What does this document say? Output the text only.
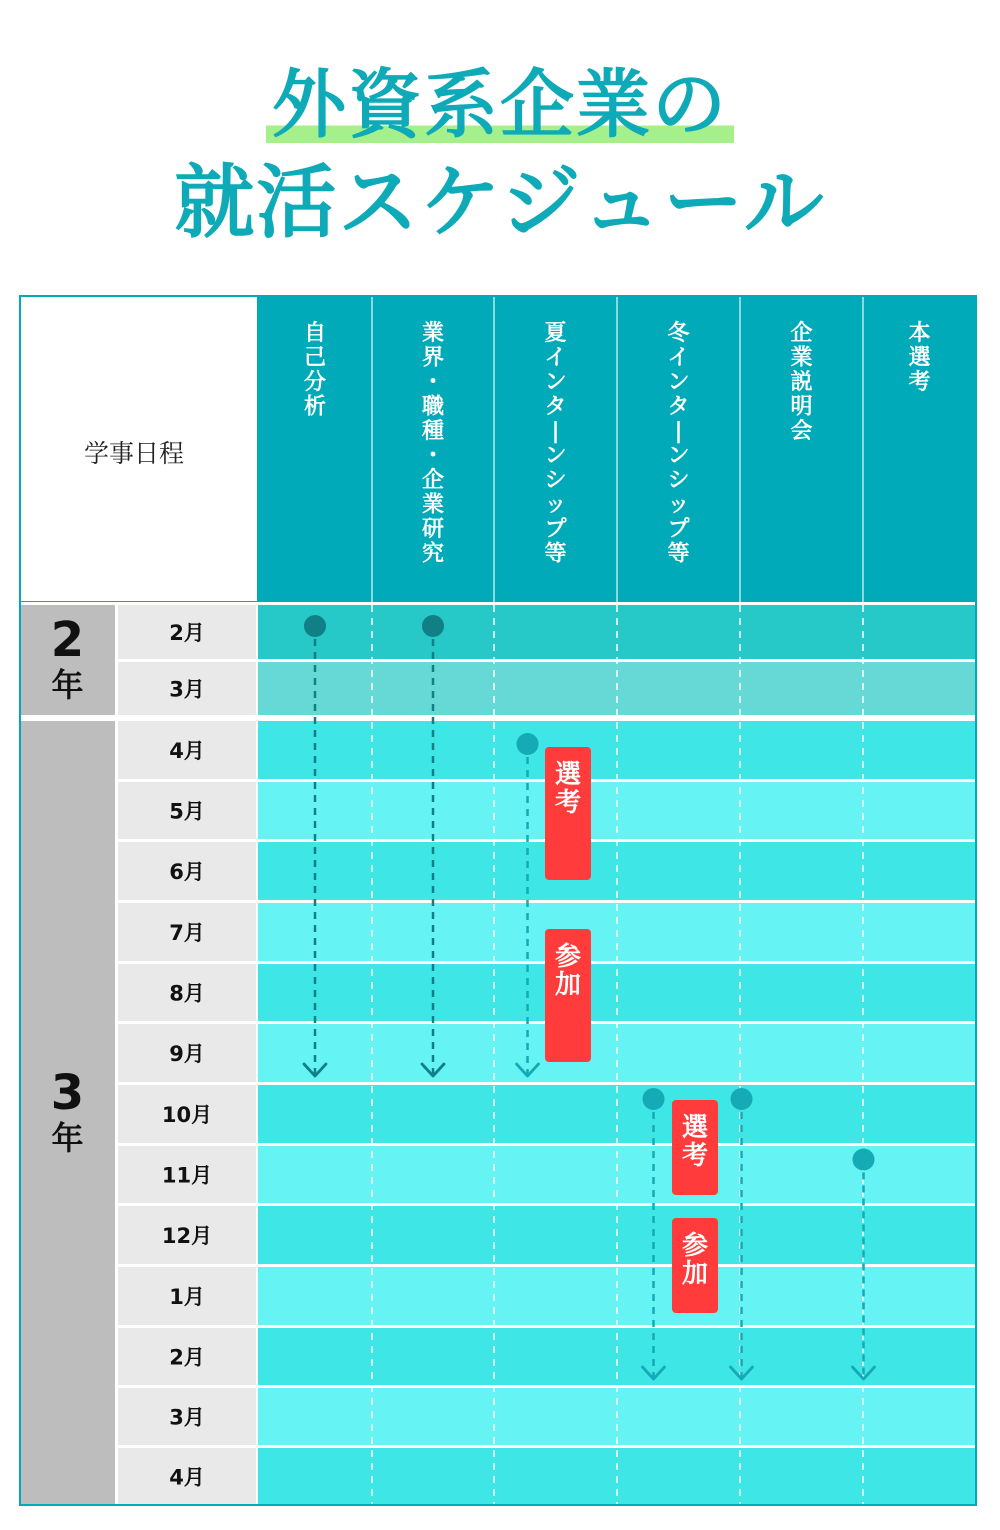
外資系企業の
就活スケジュール
学事日程
自己分析
業界・職種・企業研究
夏インタ|ンシップ等
冬インタ|ンシップ等
企業説明会
本選考
2
年
3
年
2月
3月
4月
5月
6月
7月
8月
9月
10月
11月
12月
1月
2月
3月
4月
選考
参加
選考
参加
